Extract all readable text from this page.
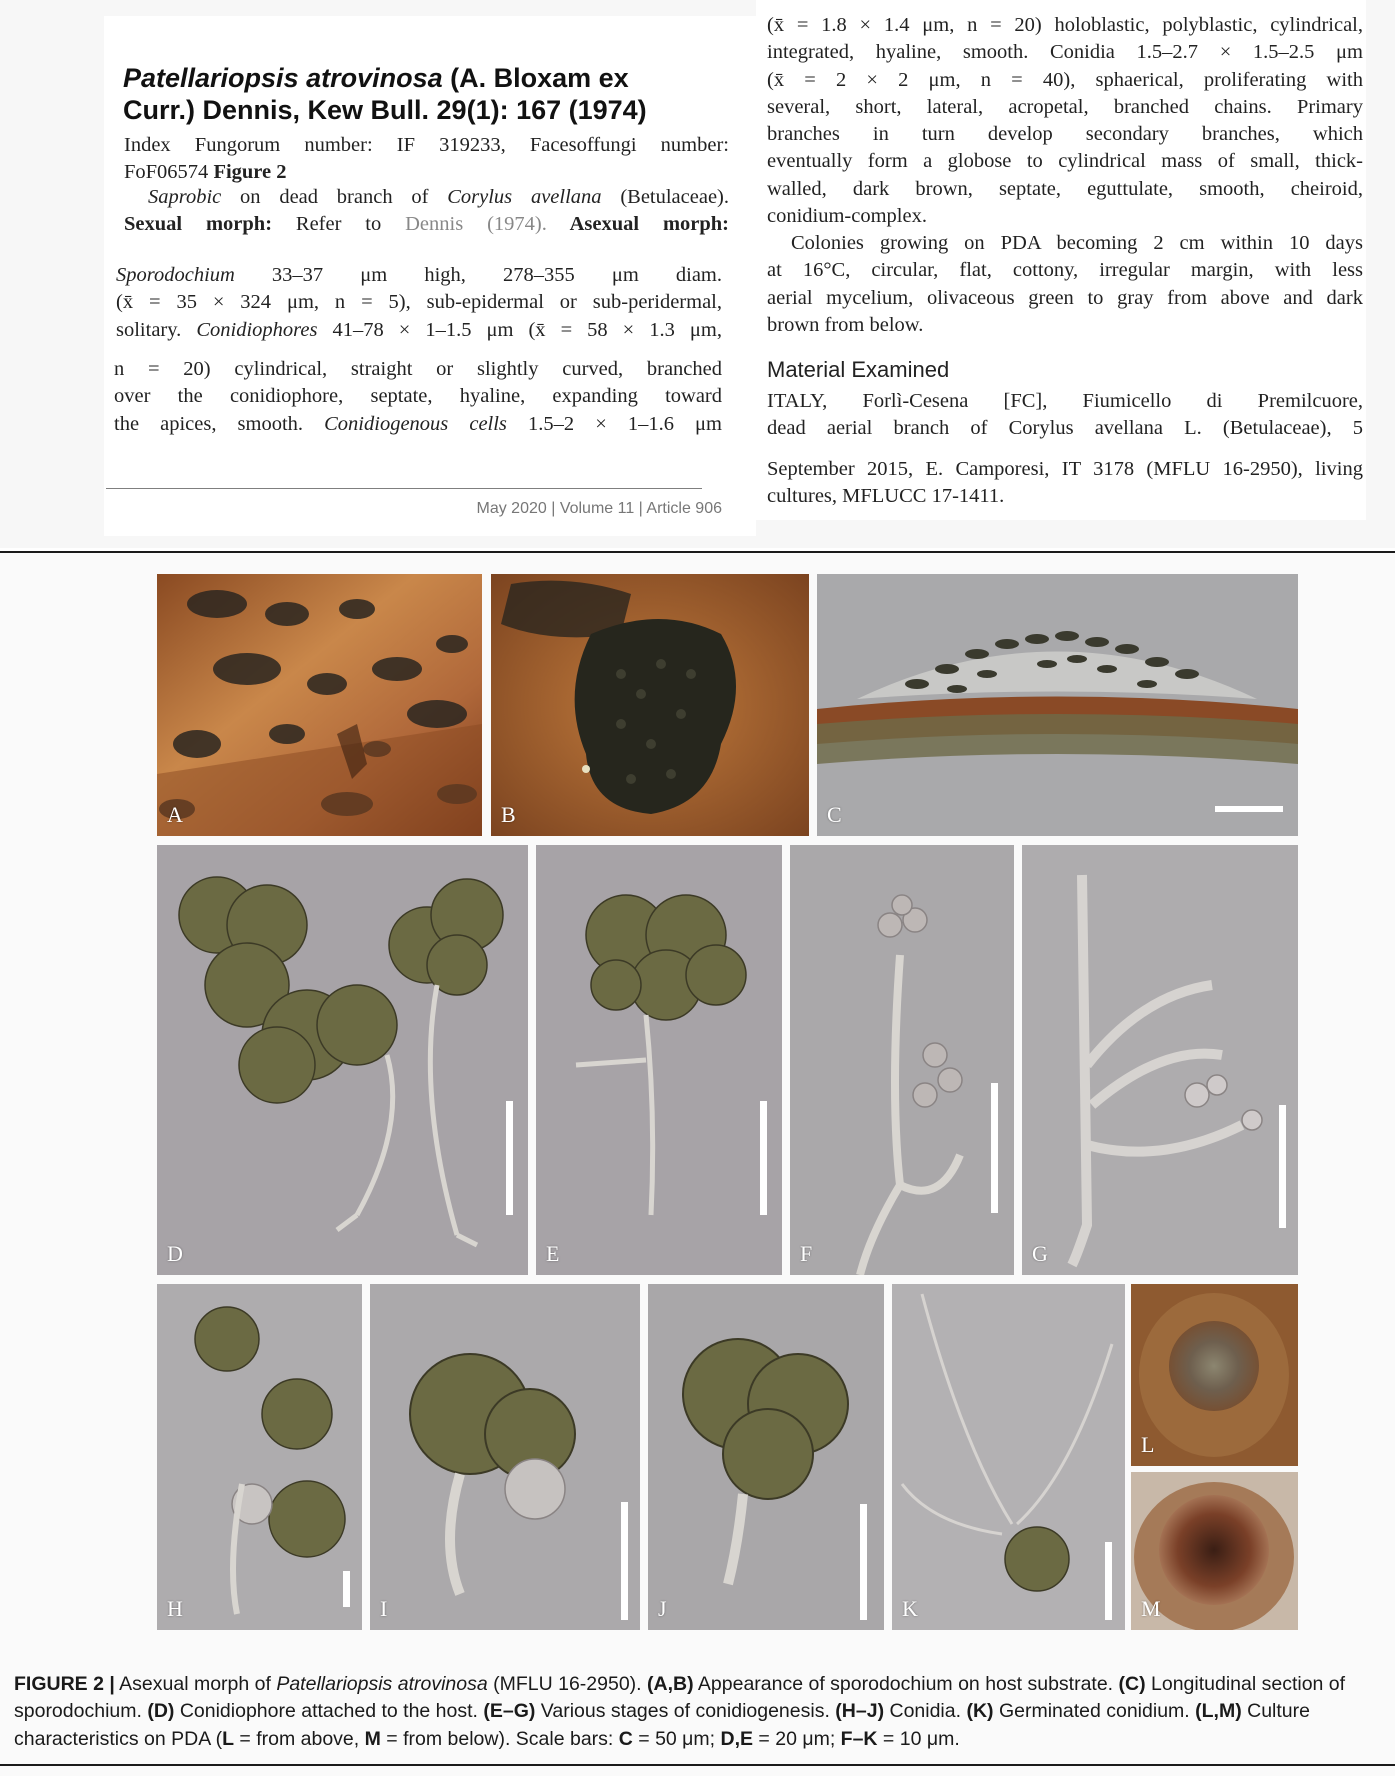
Patellariopsis atrovinosa (A. Bloxam ex
Curr.) Dennis, Kew Bull. 29(1): 167 (1974)
Index Fungorum number: IF 319233, Facesoffungi number:
FoF06574 Figure 2
Saprobic on dead branch of Corylus avellana (Betulaceae).
Sexual morph: Refer to Dennis (1974). Asexual morph:
Sporodochium 33–37 μm high, 278–355 μm diam.
(x̄ = 35 × 324 μm, n = 5), sub-epidermal or sub-peridermal,
solitary. Conidiophores 41–78 × 1–1.5 μm (x̄ = 58 × 1.3 μm,
n = 20) cylindrical, straight or slightly curved, branched
over the conidiophore, septate, hyaline, expanding toward
the apices, smooth. Conidiogenous cells 1.5–2 × 1–1.6 μm
May 2020 | Volume 11 | Article 906
(x̄ = 1.8 × 1.4 μm, n = 20) holoblastic, polyblastic, cylindrical,
integrated, hyaline, smooth. Conidia 1.5–2.7 × 1.5–2.5 μm
(x̄ = 2 × 2 μm, n = 40), sphaerical, proliferating with
several, short, lateral, acropetal, branched chains. Primary
branches in turn develop secondary branches, which
eventually form a globose to cylindrical mass of small, thick-
walled, dark brown, septate, eguttulate, smooth, cheiroid,
conidium-complex.
Colonies growing on PDA becoming 2 cm within 10 days
at 16°C, circular, flat, cottony, irregular margin, with less
aerial mycelium, olivaceous green to gray from above and dark
brown from below.
Material Examined
ITALY, Forlì-Cesena [FC], Fiumicello di Premilcuore,
dead aerial branch of Corylus avellana L. (Betulaceae), 5
September 2015, E. Camporesi, IT 3178 (MFLU 16-2950), living
cultures, MFLUCC 17-1411.
A	B	C
D	E	F	G
H	I	J	K
L
M
FIGURE 2 | Asexual morph of Patellariopsis atrovinosa (MFLU 16-2950). (A,B) Appearance of sporodochium on host substrate. (C) Longitudinal section of sporodochium. (D) Conidiophore attached to the host. (E–G) Various stages of conidiogenesis. (H–J) Conidia. (K) Germinated conidium. (L,M) Culture characteristics on PDA (L = from above, M = from below). Scale bars: C = 50 μm; D,E = 20 μm; F–K = 10 μm.
